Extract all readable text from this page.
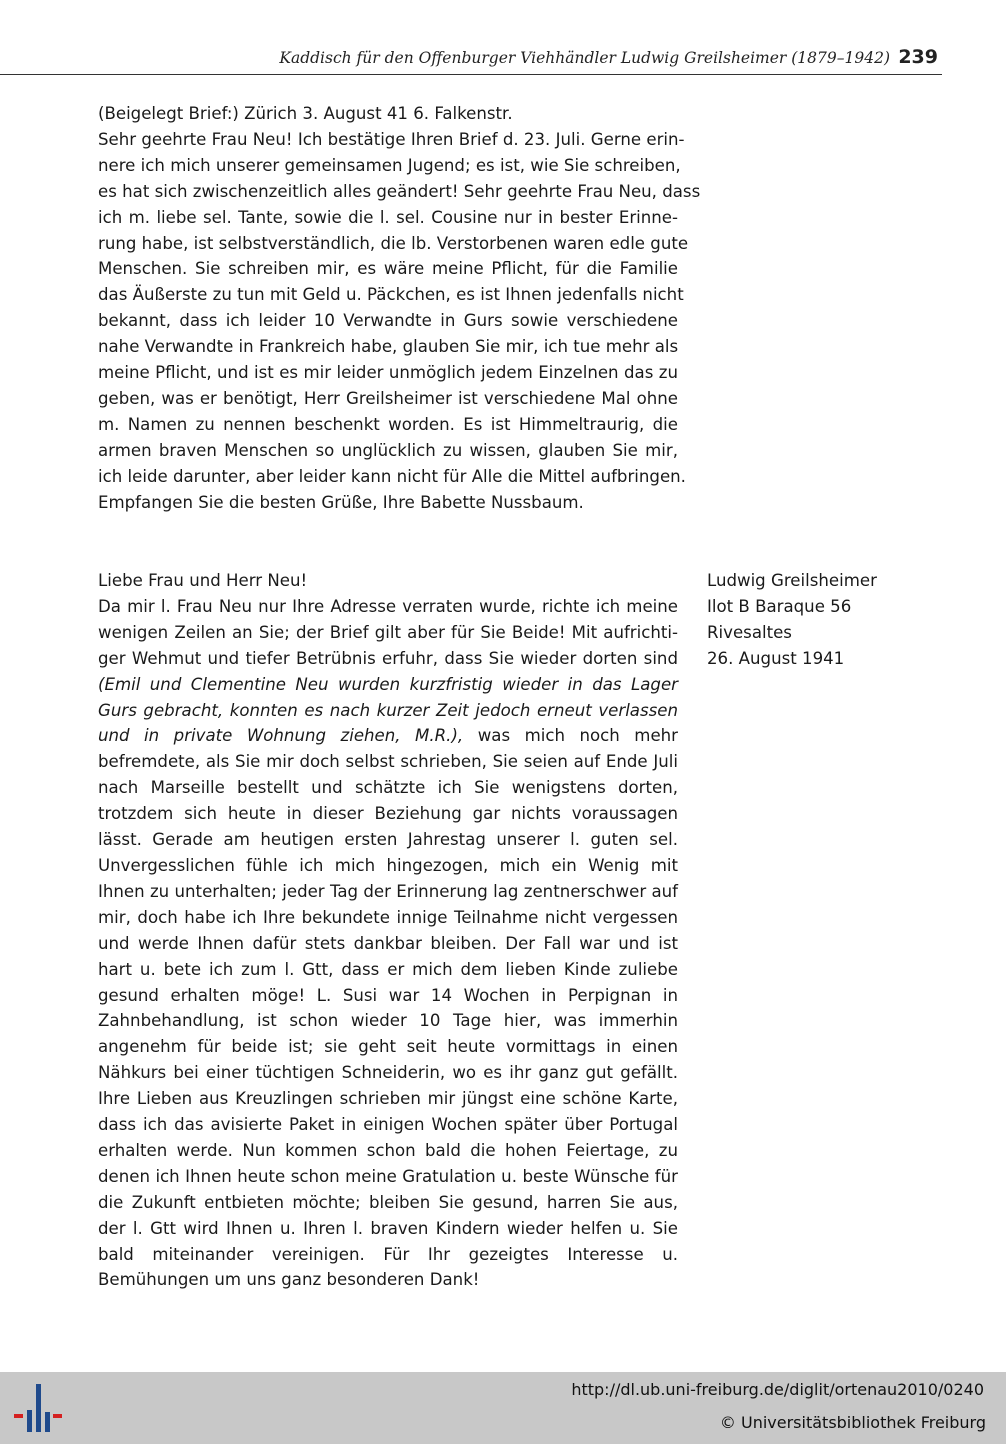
Kaddisch für den Offenburger Viehhändler Ludwig Greilsheimer (1879–1942) 239
(Beigelegt Brief:) Zürich 3. August 41 6. Falkenstr.
Sehr geehrte Frau Neu! Ich bestätige Ihren Brief d. 23. Juli. Gerne erin-
nere ich mich unserer gemeinsamen Jugend; es ist, wie Sie schreiben,
es hat sich zwischenzeitlich alles geändert! Sehr geehrte Frau Neu, dass
ich m. liebe sel. Tante, sowie die l. sel. Cousine nur in bester Erinne-
rung habe, ist selbstverständlich, die lb. Verstorbenen waren edle gute
Menschen. Sie schreiben mir, es wäre meine Pflicht, für die Familie
das Äußerste zu tun mit Geld u. Päckchen, es ist Ihnen jedenfalls nicht
bekannt, dass ich leider 10 Verwandte in Gurs sowie verschiedene
nahe Verwandte in Frankreich habe, glauben Sie mir, ich tue mehr als
meine Pflicht, und ist es mir leider unmöglich jedem Einzelnen das zu
geben, was er benötigt, Herr Greilsheimer ist verschiedene Mal ohne
m. Namen zu nennen beschenkt worden. Es ist Himmeltraurig, die
armen braven Menschen so unglücklich zu wissen, glauben Sie mir,
ich leide darunter, aber leider kann nicht für Alle die Mittel aufbringen.
Empfangen Sie die besten Grüße, Ihre Babette Nussbaum.

Liebe Frau und Herr Neu!

Da mir l. Frau Neu nur Ihre Adresse verraten wurde, richte ich meine wenigen Zeilen an Sie; der Brief gilt aber für Sie Beide! Mit aufrichtiger Wehmut und tiefer Betrübnis erfuhr, dass Sie wieder dorten sind (Emil und Clementine Neu wurden kurzfristig wieder in das Lager Gurs gebracht, konnten es nach kurzer Zeit jedoch erneut verlassen und in private Wohnung ziehen, M.R.), was mich noch mehr befremdete, als Sie mir doch selbst schrieben, Sie seien auf Ende Juli nach Marseille bestellt und schätzte ich Sie wenigstens dorten, trotzdem sich heute in dieser Beziehung gar nichts voraussagen lässt. Gerade am heutigen ersten Jahrestag unserer l. guten sel. Unvergesslichen fühle ich mich hingezogen, mich ein Wenig mit Ihnen zu unterhalten; jeder Tag der Erinnerung lag zentnerschwer auf mir, doch habe ich Ihre bekundete innige Teilnahme nicht vergessen und werde Ihnen dafür stets dankbar bleiben. Der Fall war und ist hart u. bete ich zum l. Gtt, dass er mich dem lieben Kinde zuliebe gesund erhalten möge! L. Susi war 14 Wochen in Perpignan in Zahnbehandlung, ist schon wieder 10 Tage hier, was immerhin angenehm für beide ist; sie geht seit heute vormittags in einen Nähkurs bei einer tüchtigen Schneiderin, wo es ihr ganz gut gefällt. Ihre Lieben aus Kreuzlingen schrieben mir jüngst eine schöne Karte, dass ich das avisierte Paket in einigen Wochen später über Portugal erhalten werde. Nun kommen schon bald die hohen Feiertage, zu denen ich Ihnen heute schon meine Gratulation u. beste Wünsche für die Zukunft entbieten möchte; bleiben Sie gesund, harren Sie aus, der l. Gtt wird Ihnen u. Ihren l. braven Kindern wieder helfen u. Sie bald miteinander vereinigen. Für Ihr gezeigtes Interesse u. Bemühungen um uns ganz besonderen Dank!

Ludwig Greilsheimer
Ilot B Baraque 56
Rivesaltes
26. August 1941
http://dl.ub.uni-freiburg.de/diglit/ortenau2010/0240
© Universitätsbibliothek Freiburg
